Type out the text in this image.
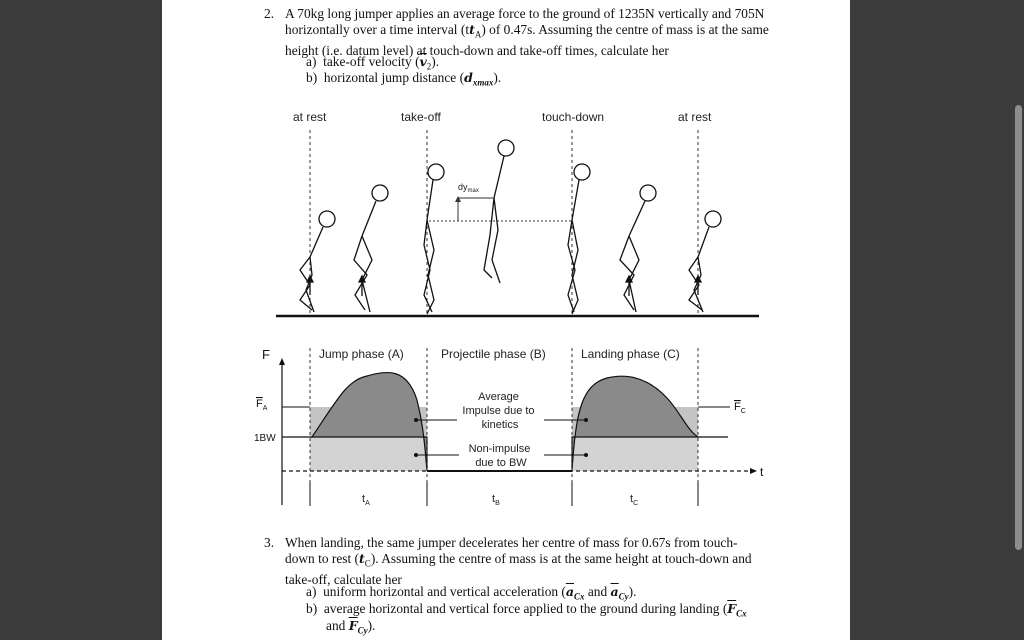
2. A 70kg long jumper applies an average force to the ground of 1235N vertically and 705N
horizontally over a time interval $(tt_A)$ of 0.47s. Assuming the centre of mass is at the same
height (i.e. datum level) at touch-down and take-off times, calculate her
a) take-off velocity $(\overline{v}_2)$.
b) horizontal jump distance $(d_{xmax})$.
at rest	take-off	touch-down	at rest
$dy_{max}$
F
t
$F_A$
1BW
$F_C$
Jump phase (A)	Projectile phase (B)	Landing phase (C)
Average Impulse due to kinetics
Non-impulse due to BW
$t_A$	$t_B$	$t_C$
3. When landing, the same jumper decelerates her centre of mass for 0.67s from touch-
down to rest $(t_C)$. Assuming the centre of mass is at the same height at touch-down and
take-off, calculate her
a) uniform horizontal and vertical acceleration ($\overline{a}_{Cx}$ and $\overline{a}_{Cy}$).
b) average horizontal and vertical force applied to the ground during landing ($\overline{F}_{Cx}$
and $\overline{F}_{Cy}$).
